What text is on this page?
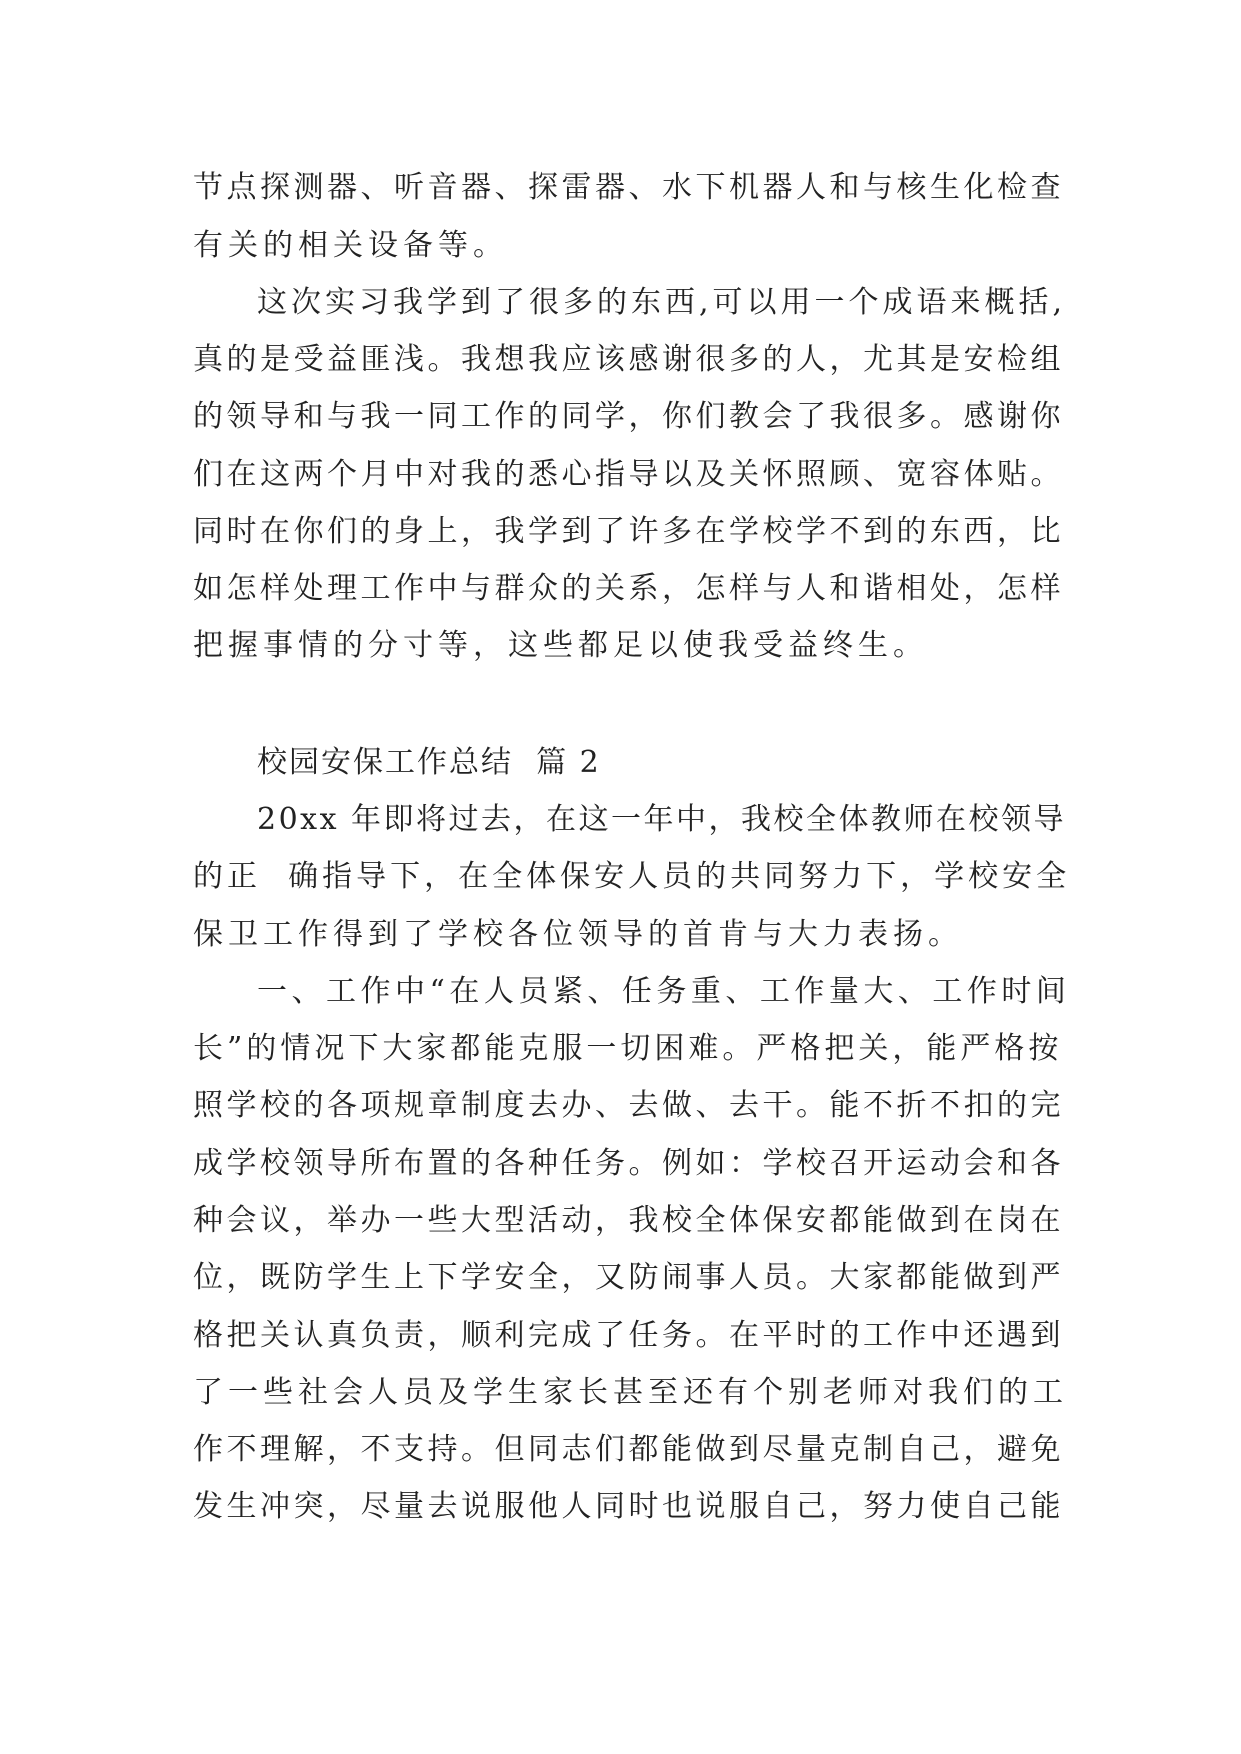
节点探测器、听音器、探雷器、水下机器人和与核生化检查
有关的相关设备等。
这次实习我学到了很多的东西,可以用一个成语来概括,
真的是受益匪浅。我想我应该感谢很多的人，尤其是安检组
的领导和与我一同工作的同学，你们教会了我很多。感谢你
们在这两个月中对我的悉心指导以及关怀照顾、宽容体贴。
同时在你们的身上，我学到了许多在学校学不到的东西，比
如怎样处理工作中与群众的关系，怎样与人和谐相处，怎样
把握事情的分寸等，这些都足以使我受益终生。
校园安保工作总结  篇 2
20xx 年即将过去，在这一年中，我校全体教师在校领导
的正  确指导下，在全体保安人员的共同努力下，学校安全
保卫工作得到了学校各位领导的首肯与大力表扬。
一、工作中“在人员紧、任务重、工作量大、工作时间
长”的情况下大家都能克服一切困难。严格把关，能严格按
照学校的各项规章制度去办、去做、去干。能不折不扣的完
成学校领导所布置的各种任务。例如：学校召开运动会和各
种会议，举办一些大型活动，我校全体保安都能做到在岗在
位，既防学生上下学安全，又防闹事人员。大家都能做到严
格把关认真负责，顺利完成了任务。在平时的工作中还遇到
了一些社会人员及学生家长甚至还有个别老师对我们的工
作不理解，不支持。但同志们都能做到尽量克制自己，避免
发生冲突，尽量去说服他人同时也说服自己，努力使自己能
